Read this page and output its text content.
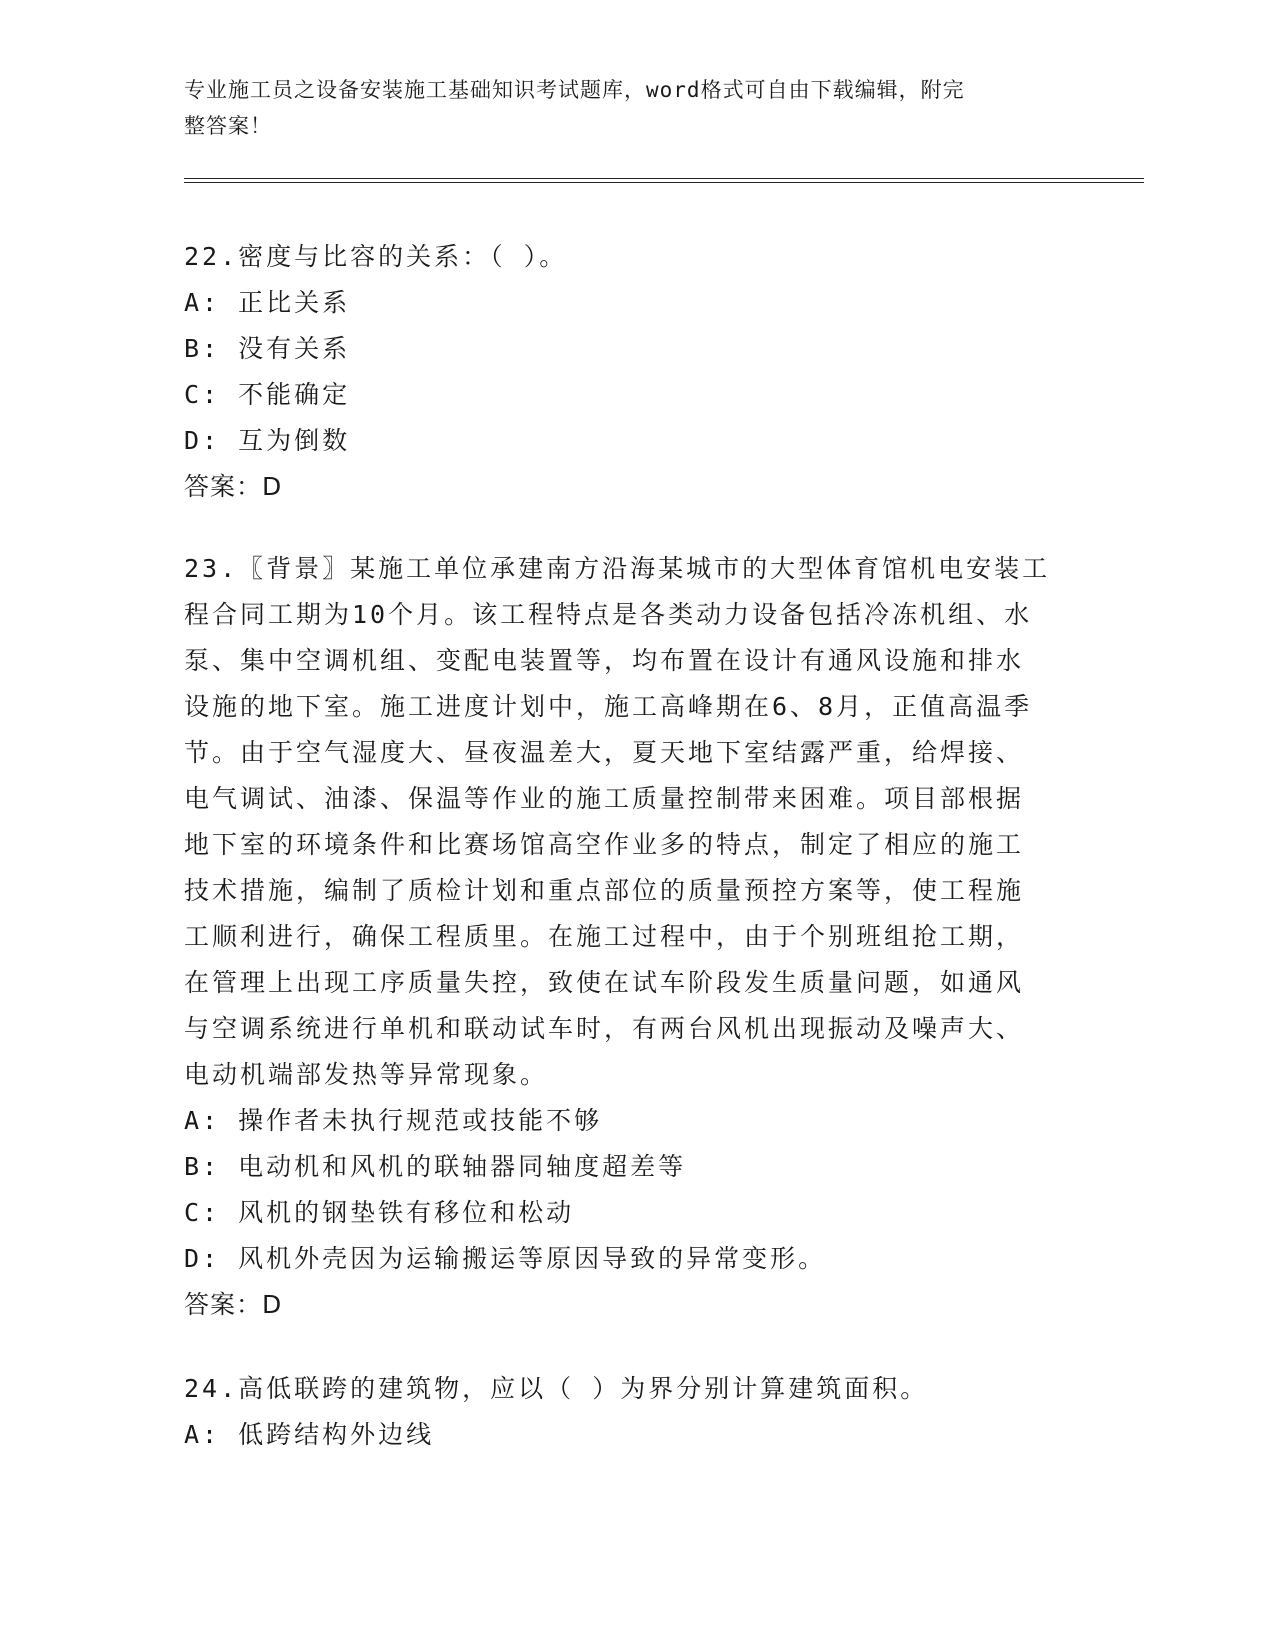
专业施工员之设备安装施工基础知识考试题库，word格式可自由下载编辑，附完
整答案！
22.密度与比容的关系：（ ）。
A: 正比关系
B: 没有关系
C: 不能确定
D: 互为倒数
答案：D
23.〖背景〗某施工单位承建南方沿海某城市的大型体育馆机电安装工
程合同工期为10个月。该工程特点是各类动力设备包括冷冻机组、水
泵、集中空调机组、变配电装置等，均布置在设计有通风设施和排水
设施的地下室。施工进度计划中，施工高峰期在6、8月，正值高温季
节。由于空气湿度大、昼夜温差大，夏天地下室结露严重，给焊接、
电气调试、油漆、保温等作业的施工质量控制带来困难。项目部根据
地下室的环境条件和比赛场馆高空作业多的特点，制定了相应的施工
技术措施，编制了质检计划和重点部位的质量预控方案等，使工程施
工顺利进行，确保工程质里。在施工过程中，由于个别班组抢工期，
在管理上出现工序质量失控，致使在试车阶段发生质量问题，如通风
与空调系统进行单机和联动试车时，有两台风机出现振动及噪声大、
电动机端部发热等异常现象。
A: 操作者未执行规范或技能不够
B: 电动机和风机的联轴器同轴度超差等
C: 风机的钢垫铁有移位和松动
D: 风机外壳因为运输搬运等原因导致的异常变形。
答案：D
24.高低联跨的建筑物，应以（ ）为界分别计算建筑面积。
A: 低跨结构外边线
